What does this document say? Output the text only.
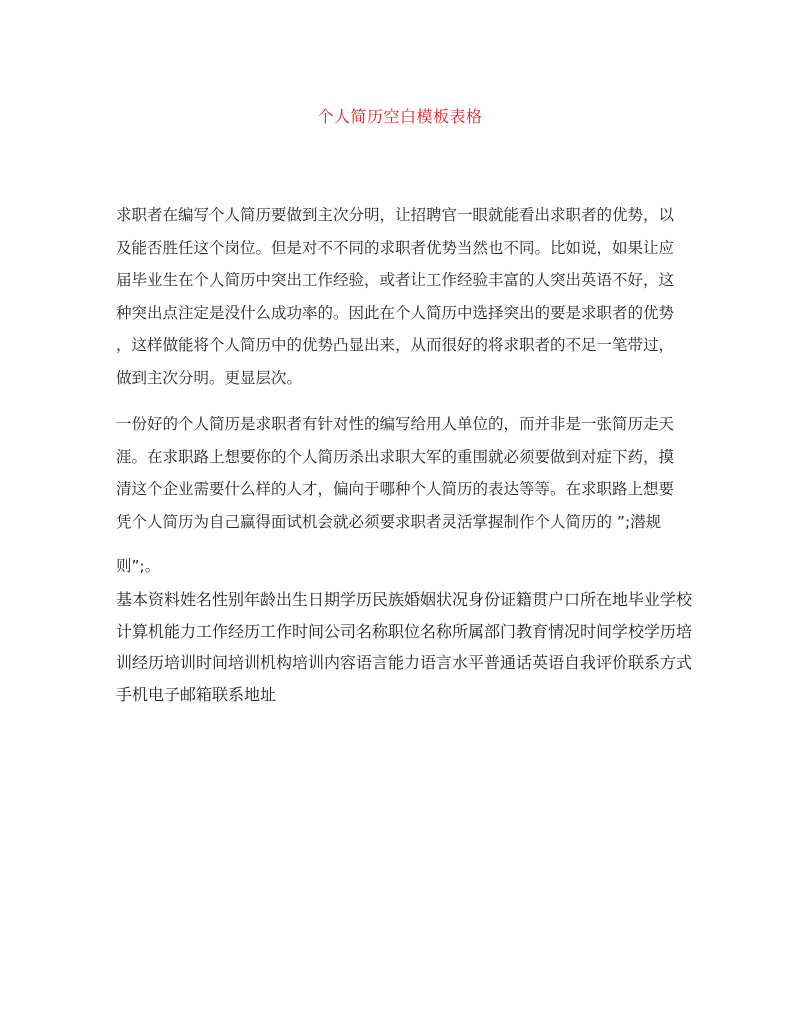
个人简历空白模板表格
求职者在编写个人简历要做到主次分明，让招聘官一眼就能看出求职者的优势，以
及能否胜任这个岗位。但是对不不同的求职者优势当然也不同。比如说，如果让应
届毕业生在个人简历中突出工作经验，或者让工作经验丰富的人突出英语不好，这
种突出点注定是没什么成功率的。因此在个人简历中选择突出的要是求职者的优势
，这样做能将个人简历中的优势凸显出来，从而很好的将求职者的不足一笔带过，
做到主次分明。更显层次。
一份好的个人简历是求职者有针对性的编写给用人单位的，而并非是一张简历走天
涯。在求职路上想要你的个人简历杀出求职大军的重围就必须要做到对症下药，摸
清这个企业需要什么样的人才，偏向于哪种个人简历的表达等等。在求职路上想要
凭个人简历为自己赢得面试机会就必须要求职者灵活掌握制作个人简历的 ”;潜规
则”;。
基本资料姓名性别年龄出生日期学历民族婚姻状况身份证籍贯户口所在地毕业学校
计算机能力工作经历工作时间公司名称职位名称所属部门教育情况时间学校学历培
训经历培训时间培训机构培训内容语言能力语言水平普通话英语自我评价联系方式
手机电子邮箱联系地址
